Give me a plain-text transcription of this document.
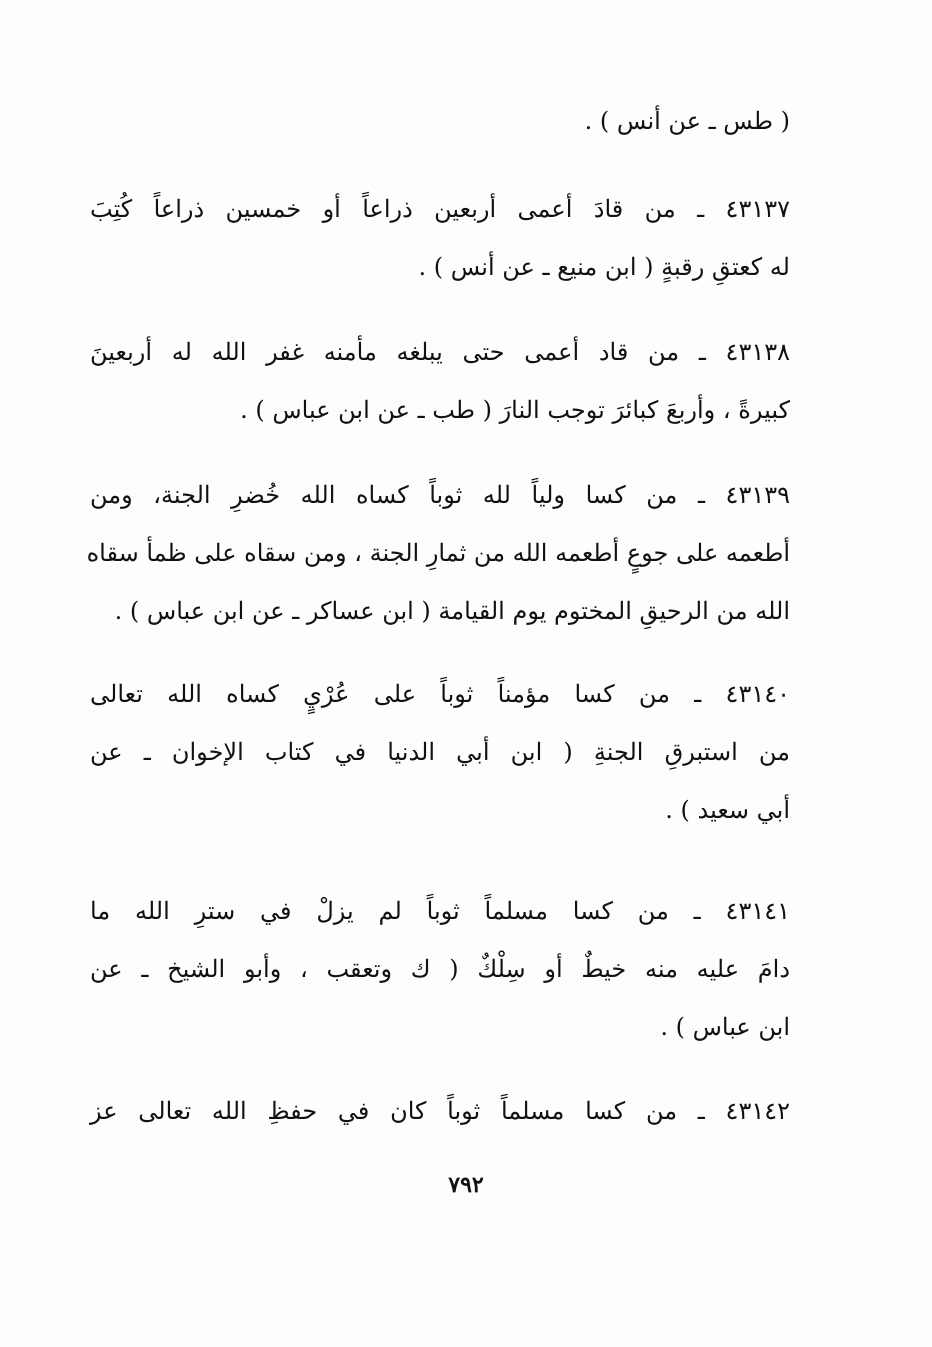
( طس ـ عن أنس ) .
٤٣١٣٧ ـ من قادَ أعمى أربعين ذراعاً أو خمسين ذراعاً كُتِبَ
له كعتقِ رقبةٍ ( ابن منيع ـ عن أنس ) .
٤٣١٣٨ ـ من قاد أعمى حتى يبلغه مأمنه غفر الله له أربعينَ
كبيرةً ، وأربعَ كبائرَ توجب النارَ ( طب ـ عن ابن عباس ) .
٤٣١٣٩ ـ من كسا ولياً لله ثوباً كساه الله خُضرِ الجنة، ومن
أطعمه على جوعٍ أطعمه الله من ثمارِ الجنة ، ومن سقاه على ظمأ سقاه
الله من الرحيقِ المختوم يوم القيامة ( ابن عساكر ـ عن ابن عباس ) .
٤٣١٤٠ ـ من كسا مؤمناً ثوباً على عُرْيٍ كساه الله تعالى
من استبرقِ الجنةِ ( ابن أبي الدنيا في كتاب الإخوان ـ عن
أبي سعيد ) .
٤٣١٤١ ـ من كسا مسلماً ثوباً لم يزلْ في سترِ الله ما
دامَ عليه منه خيطٌ أو سِلْكٌ ( ك وتعقب ، وأبو الشيخ ـ عن
ابن عباس ) .
٤٣١٤٢ ـ من كسا مسلماً ثوباً كان في حفظِ الله تعالى عز
٧٩٢
